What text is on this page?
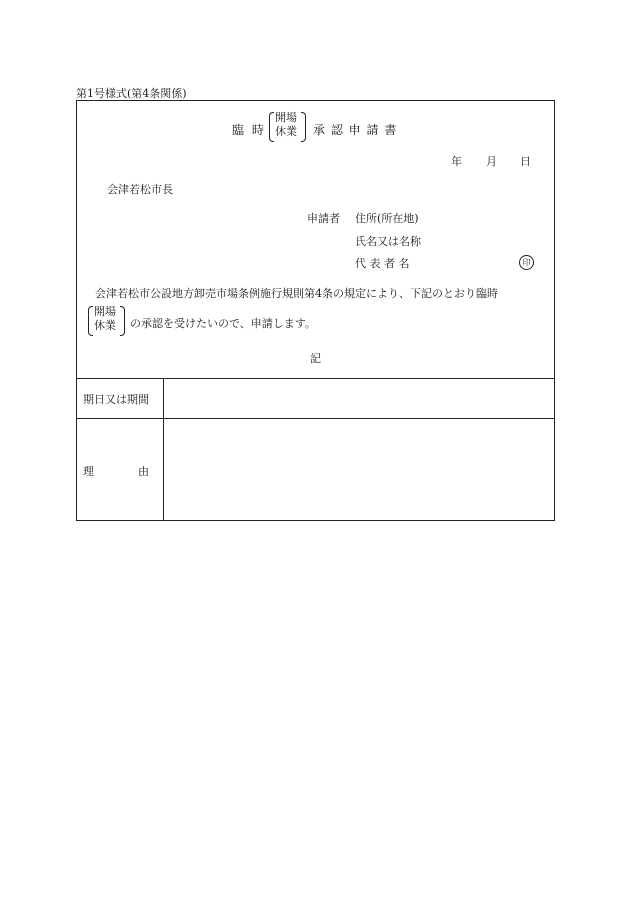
第1号様式(第4条関係)
臨 時
開場
休業 承 認 申 請 書
年 月 日
会津若松市長
申請者 住所(所在地)
氏名又は名称
代 表 者 名	印
会津若松市公設地方卸売市場条例施行規則第4条の規定により、下記のとおり臨時
開場
休業 の承認を受けたいので、申請します。
記
期日又は期間
理　　　　由
